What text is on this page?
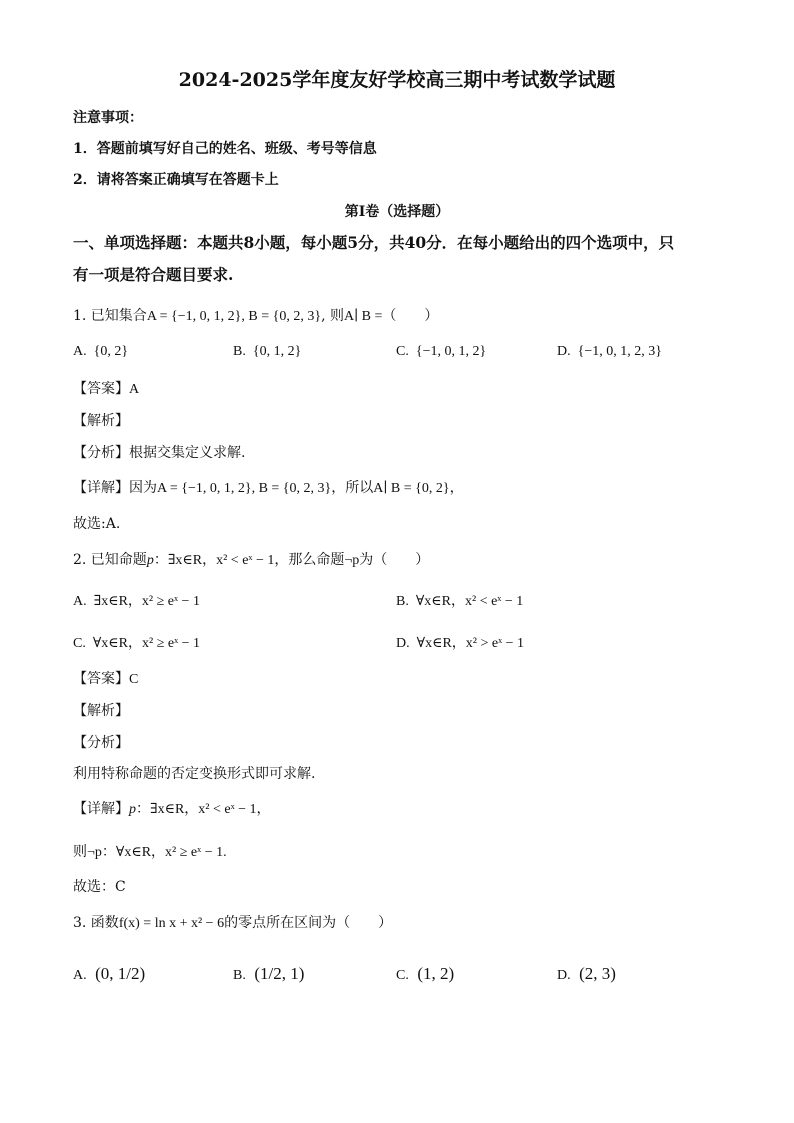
2024-2025学年度友好学校高三期中考试数学试题
注意事项：
1．答题前填写好自己的姓名、班级、考号等信息
2．请将答案正确填写在答题卡上
第I卷（选择题）
一、单项选择题：本题共8小题，每小题5分，共40分．在每小题给出的四个选项中，只
有一项是符合题目要求.
1. 已知集合A = {−1, 0, 1, 2}, B = {0, 2, 3}, 则A∣ B =（　　）
A. {0, 2}	B. {0, 1, 2}	C. {−1, 0, 1, 2}	D. {−1, 0, 1, 2, 3}
【答案】A
【解析】
【分析】根据交集定义求解.
【详解】因为A = {−1, 0, 1, 2}, B = {0, 2, 3}，所以A∣ B = {0, 2}，
故选:A.
2. 已知命题p：∃x∈R，x² < eˣ − 1，那么命题¬p为（　　）
A. ∃x∈R，x² ≥ eˣ − 1	B. ∀x∈R，x² < eˣ − 1
C. ∀x∈R，x² ≥ eˣ − 1	D. ∀x∈R，x² > eˣ − 1
【答案】C
【解析】
【分析】
利用特称命题的否定变换形式即可求解.
【详解】p：∃x∈R，x² < eˣ − 1，
则¬p：∀x∈R，x² ≥ eˣ − 1.
故选：C
3. 函数f(x) = ln x + x² − 6的零点所在区间为（　　）
A. (0, 1/2)	B. (1/2, 1)	C. (1, 2)	D. (2, 3)
